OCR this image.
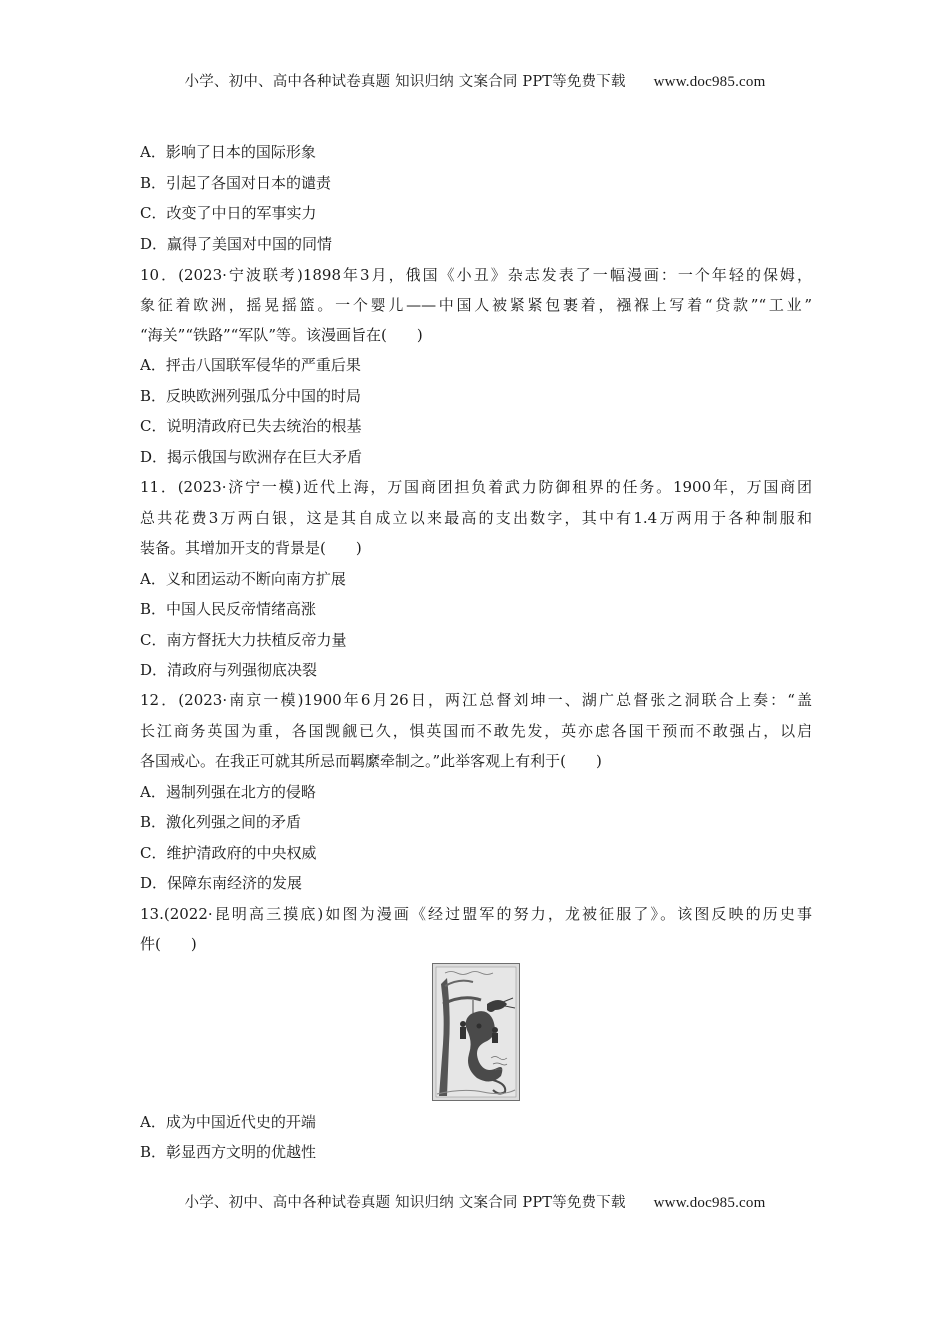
小学、初中、高中各种试卷真题 知识归纳 文案合同 PPT等免费下载 www.doc985.com
A．影响了日本的国际形象
B．引起了各国对日本的谴责
C．改变了中日的军事实力
D．赢得了美国对中国的同情
10．(2023·宁波联考)1898年3月，俄国《小丑》杂志发表了一幅漫画：一个年轻的保姆，
象征着欧洲，摇晃摇篮。一个婴儿——中国人被紧紧包裹着，襁褓上写着“贷款”“工业”
“海关”“铁路”“军队”等。该漫画旨在(　　)
A．抨击八国联军侵华的严重后果
B．反映欧洲列强瓜分中国的时局
C．说明清政府已失去统治的根基
D．揭示俄国与欧洲存在巨大矛盾
11．(2023·济宁一模)近代上海，万国商团担负着武力防御租界的任务。1900年，万国商团
总共花费3万两白银，这是其自成立以来最高的支出数字，其中有1.4万两用于各种制服和
装备。其增加开支的背景是(　　)
A．义和团运动不断向南方扩展
B．中国人民反帝情绪高涨
C．南方督抚大力扶植反帝力量
D．清政府与列强彻底决裂
12．(2023·南京一模)1900年6月26日，两江总督刘坤一、湖广总督张之洞联合上奏：“盖
长江商务英国为重，各国觊觎已久，惧英国而不敢先发，英亦虑各国干预而不敢强占，以启
各国戒心。在我正可就其所忌而羁縻牵制之。”此举客观上有利于(　　)
A．遏制列强在北方的侵略
B．激化列强之间的矛盾
C．维护清政府的中央权威
D．保障东南经济的发展
13.(2022·昆明高三摸底)如图为漫画《经过盟军的努力，龙被征服了》。该图反映的历史事
件(　　)
A．成为中国近代史的开端
B．彰显西方文明的优越性
小学、初中、高中各种试卷真题 知识归纳 文案合同 PPT等免费下载 www.doc985.com
